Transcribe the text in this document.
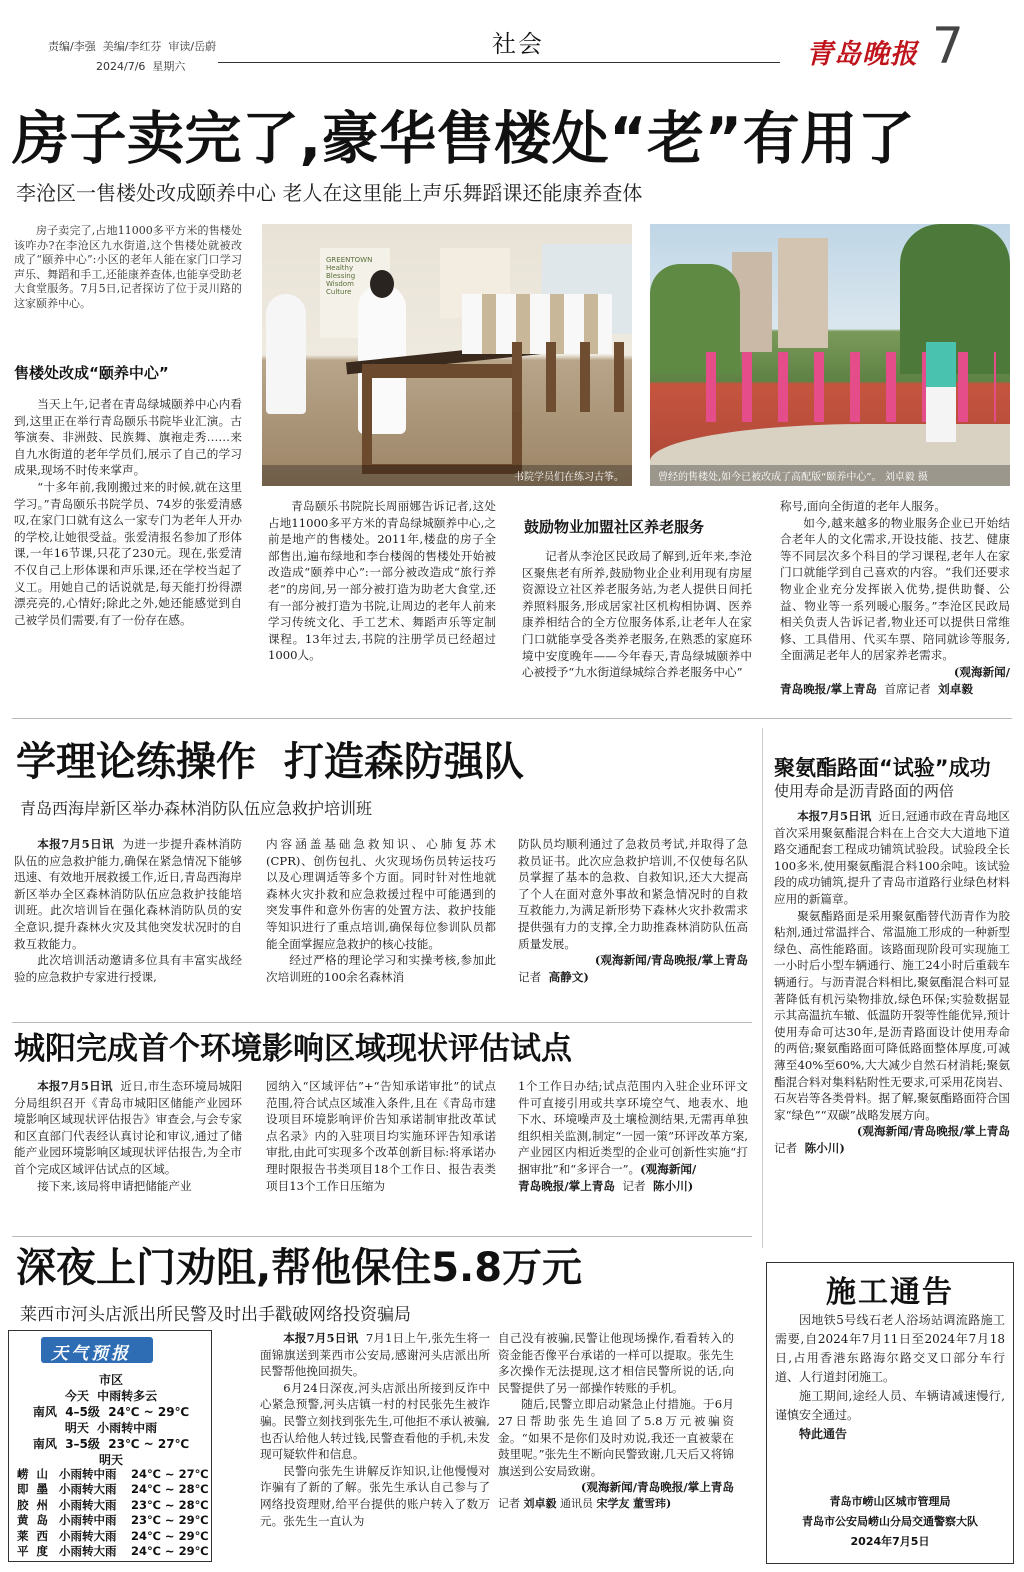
责编/李强  美编/李红芬  审读/岳蔚
2024/7/6  星期六
社会	青岛晚报 7
房子卖完了,豪华售楼处“老”有用了
李沧区一售楼处改成颐养中心 老人在这里能上声乐舞蹈课还能康养查体

房子卖完了,占地11000多平方米的售楼处该咋办?在李沧区九水街道,这个售楼处就被改成了“颐养中心”:小区的老年人能在家门口学习声乐、舞蹈和手工,还能康养查体,也能享受助老大食堂服务。7月5日,记者探访了位于灵川路的这家颐养中心。

售楼处改成“颐养中心”

当天上午,记者在青岛绿城颐养中心内看到,这里正在举行青岛颐乐书院毕业汇演。古筝演奏、非洲鼓、民族舞、旗袍走秀……来自九水街道的老年学员们,展示了自己的学习成果,现场不时传来掌声。

“十多年前,我刚搬过来的时候,就在这里学习。”青岛颐乐书院学员、74岁的张爱清感叹,在家门口就有这么一家专门为老年人开办的学校,让她很受益。张爱清报名参加了形体课,一年16节课,只花了230元。现在,张爱清不仅自己上形体课和声乐课,还在学校当起了义工。用她自己的话说就是,每天能打扮得漂漂亮亮的,心情好;除此之外,她还能感觉到自己被学员们需要,有了一份存在感。

GREENTOWN
Healthy
Blessing
Wisdom
Culture
书院学员们在练习古筝。	曾经的售楼处,如今已被改成了高配版“颐养中心”。 刘卓毅 摄

青岛颐乐书院院长周丽娜告诉记者,这处占地11000多平方米的青岛绿城颐养中心,之前是地产的售楼处。2011年,楼盘的房子全部售出,遍布绿地和李台楼阁的售楼处开始被改造成“颐养中心”:一部分被改造成“旅行养老”的房间,另一部分被打造为助老大食堂,还有一部分被打造为书院,让周边的老年人前来学习传统文化、手工艺术、舞蹈声乐等定制课程。13年过去,书院的注册学员已经超过1000人。

鼓励物业加盟社区养老服务

记者从李沧区民政局了解到,近年来,李沧区聚焦老有所养,鼓励物业企业利用现有房屋资源设立社区养老服务站,为老人提供日间托养照料服务,形成居家社区机构相协调、医养康养相结合的全方位服务体系,让老年人在家门口就能享受各类养老服务,在熟悉的家庭环境中安度晚年——今年春天,青岛绿城颐养中心被授予“九水街道绿城综合养老服务中心”

称号,面向全街道的老年人服务。

如今,越来越多的物业服务企业已开始结合老年人的文化需求,开设技能、技艺、健康等不同层次多个科目的学习课程,老年人在家门口就能学到自己喜欢的内容。“我们还要求物业企业充分发挥嵌入优势,提供助餐、公益、物业等一系列暖心服务。”李沧区民政局相关负责人告诉记者,物业还可以提供日常维修、工具借用、代买车票、陪同就诊等服务,全面满足老年人的居家养老需求。

(观海新闻/
青岛晚报/掌上青岛 首席记者 刘卓毅
学理论练操作  打造森防强队
青岛西海岸新区举办森林消防队伍应急救护培训班

本报7月5日讯 为进一步提升森林消防队伍的应急救护能力,确保在紧急情况下能够迅速、有效地开展救援工作,近日,青岛西海岸新区举办全区森林消防队伍应急救护技能培训班。此次培训旨在强化森林消防队员的安全意识,提升森林火灾及其他突发状况时的自救互救能力。

此次培训活动邀请多位具有丰富实战经验的应急救护专家进行授课,

内容涵盖基础急救知识、心肺复苏术(CPR)、创伤包扎、火灾现场伤员转运技巧以及心理调适等多个方面。同时针对性地就森林火灾扑救和应急救援过程中可能遇到的突发事件和意外伤害的处置方法、救护技能等知识进行了重点培训,确保每位参训队员都能全面掌握应急救护的核心技能。

经过严格的理论学习和实操考核,参加此次培训班的100余名森林消

防队员均顺利通过了急救员考试,并取得了急救员证书。此次应急救护培训,不仅使每名队员掌握了基本的急救、自救知识,还大大提高了个人在面对意外事故和紧急情况时的自救互救能力,为满足新形势下森林火灾扑救需求提供强有力的支撑,全力助推森林消防队伍高质量发展。
(观海新闻/青岛晚报/掌上青岛
记者 高静文)
聚氨酯路面“试验”成功
使用寿命是沥青路面的两倍

本报7月5日讯 近日,冠通市政在青岛地区首次采用聚氨酯混合料在上合交大大道地下道路交通配套工程成功铺筑试验段。试验段全长100多米,使用聚氨酯混合料100余吨。该试验段的成功铺筑,提升了青岛市道路行业绿色材料应用的新篇章。

聚氨酯路面是采用聚氨酯替代沥青作为胶粘剂,通过常温拌合、常温施工形成的一种新型绿色、高性能路面。该路面现阶段可实现施工一小时后小型车辆通行、施工24小时后重载车辆通行。与沥青混合料相比,聚氨酯混合料可显著降低有机污染物排放,绿色环保;实验数据显示其高温抗车辙、低温防开裂等性能优异,预计使用寿命可达30年,是沥青路面设计使用寿命的两倍;聚氨酯路面可降低路面整体厚度,可减薄至40%至60%,大大减少自然石材消耗;聚氨酯混合料对集料粘附性无要求,可采用花岗岩、石灰岩等各类骨料。据了解,聚氨酯路面符合国家“绿色”“双碳”战略发展方向。

(观海新闻/青岛晚报/掌上青岛
记者 陈小川)
城阳完成首个环境影响区域现状评估试点

本报7月5日讯 近日,市生态环境局城阳分局组织召开《青岛市城阳区储能产业园环境影响区域现状评估报告》审查会,与会专家和区直部门代表经认真讨论和审议,通过了储能产业园环境影响区域现状评估报告,为全市首个完成区域评估试点的区域。

接下来,该局将申请把储能产业

园纳入“区域评估”+“告知承诺审批”的试点范围,符合试点区域准入条件,且在《青岛市建设项目环境影响评价告知承诺制审批改革试点名录》内的入驻项目均实施环评告知承诺审批,由此可实现多个改革创新目标:将承诺办理时限报告书类项目18个工作日、报告表类项目13个工作日压缩为
1个工作日办结;试点范围内入驻企业环评文件可直接引用或共享环境空气、地表水、地下水、环境噪声及土壤检测结果,无需再单独组织相关监测,制定“一园一策”环评改革方案,产业园区内相近类型的企业可创新性实施“打捆审批”和“多评合一”。(观海新闻/
青岛晚报/掌上青岛 记者 陈小川)
深夜上门劝阻,帮他保住5.8万元
莱西市河头店派出所民警及时出手戳破网络投资骗局

本报7月5日讯 7月1日上午,张先生将一面锦旗送到莱西市公安局,感谢河头店派出所民警帮他挽回损失。

6月24日深夜,河头店派出所接到反诈中心紧急预警,河头店镇一村的村民张先生被诈骗。民警立刻找到张先生,可他拒不承认被骗,也否认给他人转过钱,民警查看他的手机,未发现可疑软件和信息。

民警向张先生讲解反诈知识,让他慢慢对诈骗有了新的了解。张先生承认自己参与了网络投资理财,给平台提供的账户转入了数万元。张先生一直认为

自己没有被骗,民警让他现场操作,看看转入的资金能否像平台承诺的一样可以提取。张先生多次操作无法提现,这才相信民警所说的话,向民警提供了另一部操作转账的手机。

随后,民警立即启动紧急止付措施。于6月27日帮助张先生追回了5.8万元被骗资金。“如果不是你们及时劝说,我还一直被蒙在鼓里呢。”张先生不断向民警致谢,几天后又将锦旗送到公安局致谢。

(观海新闻/青岛晚报/掌上青岛
记者 刘卓毅 通讯员 宋学友 董雪玮)
天气预报
市区
今天  中雨转多云
南风  4–5级  24℃ ~ 29℃
明天  小雨转中雨
南风  3–5级  23℃ ~ 27℃
明天
崂  山 小雨转中雨 24℃ ~ 27℃
即  墨 小雨转大雨 24℃ ~ 28℃
胶  州 小雨转大雨 23℃ ~ 28℃
黄  岛 小雨转中雨 23℃ ~ 29℃
莱  西 小雨转大雨 24℃ ~ 29℃
平  度 小雨转大雨 24℃ ~ 29℃
施工通告

因地铁5号线石老人浴场站调流路施工需要,自2024年7月11日至2024年7月18日,占用香港东路海尔路交叉口部分车行道、人行道封闭施工。

施工期间,途经人员、车辆请减速慢行,谨慎安全通过。

特此通告

青岛市崂山区城市管理局
青岛市公安局崂山分局交通警察大队
2024年7月5日
